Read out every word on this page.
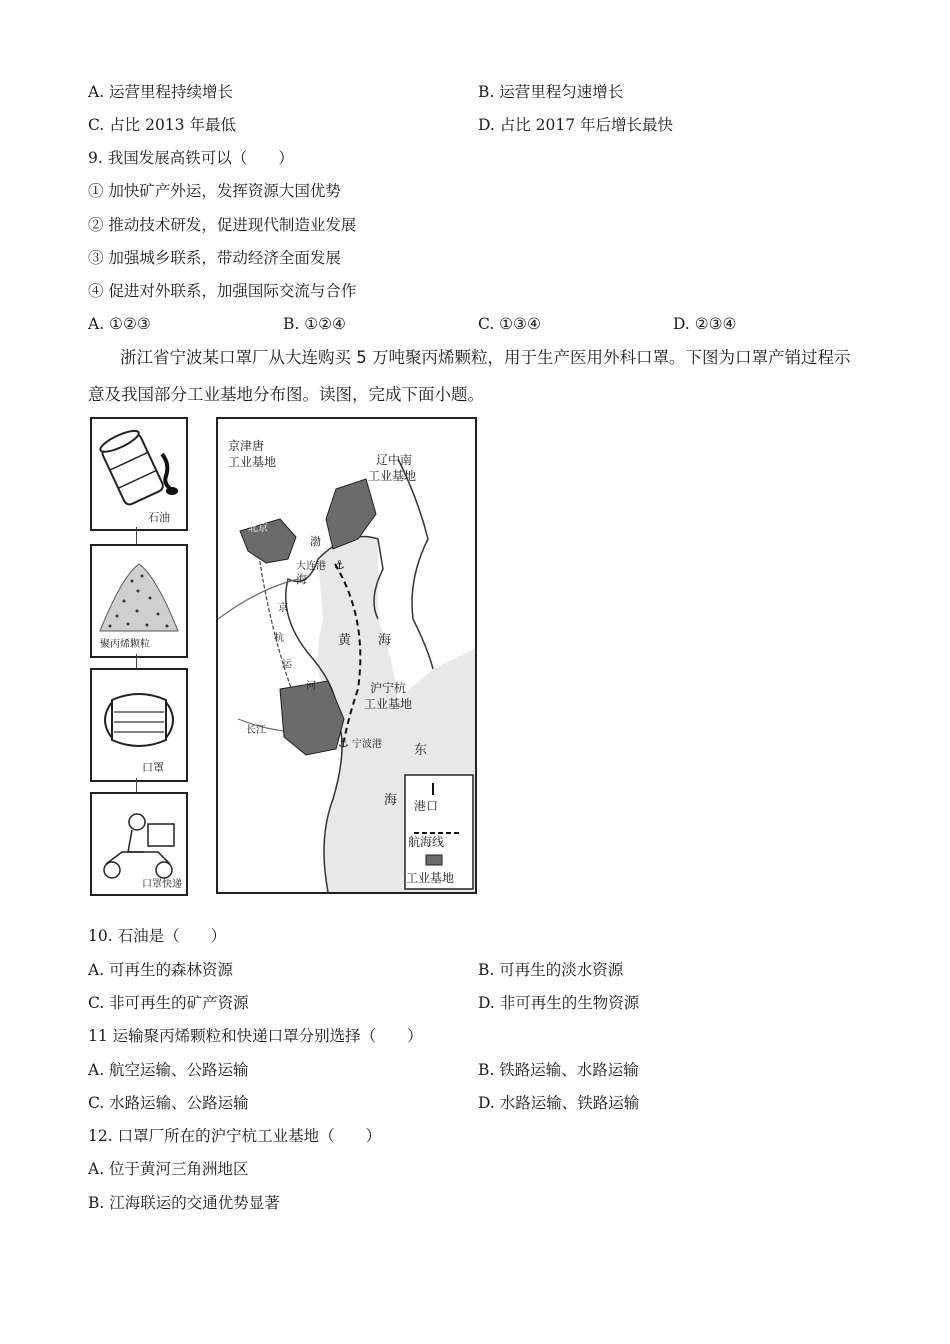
A. 运营里程持续增长	B. 运营里程匀速增长
C. 占比 2013 年最低	D. 占比 2017 年后增长最快
9. 我国发展高铁可以（　　）
① 加快矿产外运，发挥资源大国优势
② 推动技术研发，促进现代制造业发展
③ 加强城乡联系，带动经济全面发展
④ 促进对外联系，加强国际交流与合作
A. ①②③	B. ①②④	C. ①③④	D. ②③④
浙江省宁波某口罩厂从大连购买 5 万吨聚丙烯颗粒，用于生产医用外科口罩。下图为口罩产销过程示
意及我国部分工业基地分布图。读图，完成下面小题。
石油
聚丙烯颗粒
口罩
口罩快递
⚓
⚓
京津唐
工业基地	辽中南
工业基地
北京
大连港
渤
海
黄 海
京
杭
运
河	沪宁杭
工业基地
长江
宁波港 东
海 港口
航海线
工业基地
10. 石油是（　　）
A. 可再生的森林资源	B. 可再生的淡水资源
C. 非可再生的矿产资源	D. 非可再生的生物资源
11 运输聚丙烯颗粒和快递口罩分别选择（　　）
A. 航空运输、公路运输	B. 铁路运输、水路运输
C. 水路运输、公路运输	D. 水路运输、铁路运输
12. 口罩厂所在的沪宁杭工业基地（　　）
A. 位于黄河三角洲地区
B. 江海联运的交通优势显著
